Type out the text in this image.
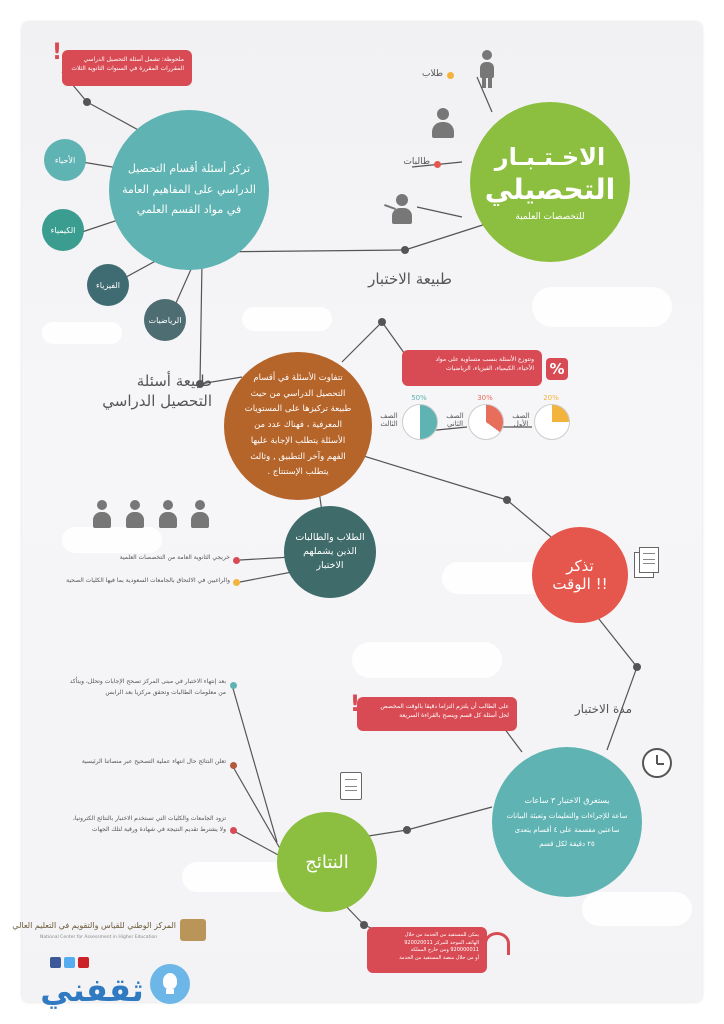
ملحوظة: تشمل أسئلة التحصيل الدراسي
المقررات المقررة في السنوات الثانوية الثلاث
!
تركز أسئلة أقسام التحصيل
الدراسي على المفاهيم العامة
في مواد القسم العلمي
الأحياء
الكيمياء
الفيزياء
الرياضيات
الاخـتـبـار
التحصيلي
للتخصصات العلمية
طلاب
طالبات
طبيعة الاختبار
طبيعة أسئلة
التحصيل الدراسي
تتفاوت الأسئلة في أقسام
التحصيل الدراسي من حيث
طبيعة تركيزها على المستويات
المعرفية ، فهناك عدد من
الأسئلة يتطلب الإجابة عليها
الفهم وآخر التطبيق , وثالث
يتطلب الإستنتاج .
وتتوزع الأسئلة بنسب متساوية على مواد
الأحياء، الكيمياء، الفيزياء، الرياضيات %
20%
الصف
الأول
30%
الصف
الثاني
50%
الصف
الثالث
الطلاب والطالبات
الذين يشملهم
الاختبار
خريجي الثانوية العامة من التخصصات العلمية
والراغبين في الالتحاق بالجامعات السعودية بما فيها الكليات الصحية
تذكر
الوقت !!
مدة الاختبار
على الطالب أن يلتزم التزاما دقيقا بالوقت المخصص
لحل أسئلة كل قسم وينصح بالقراءة السريعة
!
يستغرق الاختبار ٣ ساعات
ساعة للإجراءات والتعليمات وتعبئة البيانات
ساعتين مقسمة على ٤ أقسام يتعدى
٢٥ دقيقة لكل قسم
النتائج
بعد إنتهاء الاختبار في مبنى المركز تصحح الإجابات وتحلل، ويتأكد
من معلومات الطالبات وتحقق مركزيا بعد الرابس
تعلن النتائج حال انتهاء عملية التصحيح عبر منصاتنا الرئيسية
تزود الجامعات والكليات التي تستخدم الاختبار بالنتائج الكترونيا،
ولا يشترط تقديم النتيجة في شهادة ورقية لتلك الجهات
يمكن للمستفيد من الخدمة من خلال
الهاتف الموحد للمركز 920020011
920000011 ومن خارج المملكة
أو من خلال منصة المستفيد من الخدمة
المركز الوطني للقياس والتقويم في التعليم العالي
National Center for Assessment in Higher Education
ثقفني
